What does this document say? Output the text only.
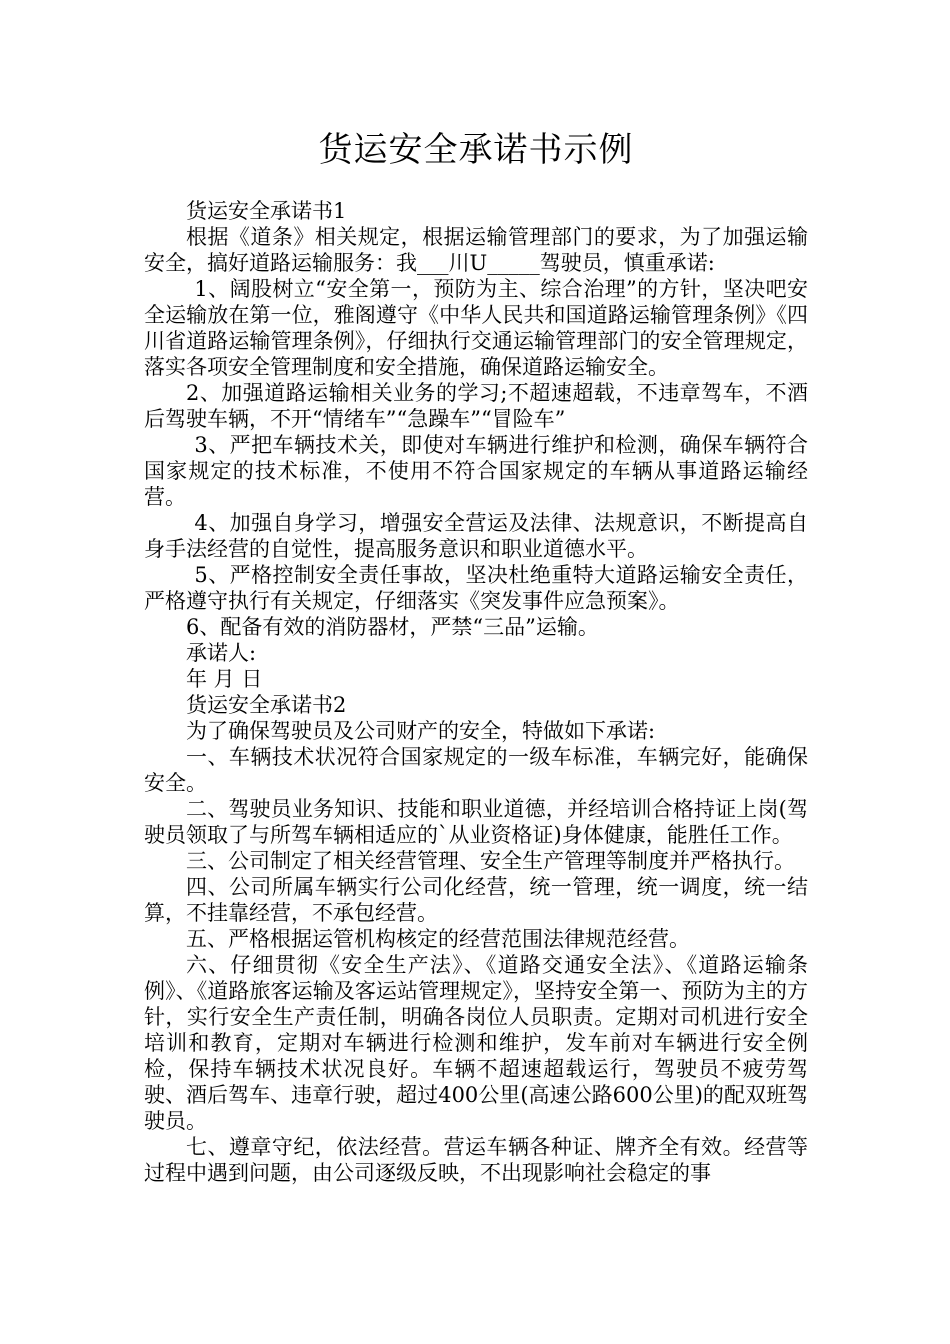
货运安全承诺书示例

货运安全承诺书1

根据《道条》相关规定，根据运输管理部门的要求，为了加强运输安全，搞好道路运输服务：我___川U_____驾驶员，慎重承诺:

1、阔股树立“安全第一，预防为主、综合治理”的方针，坚决吧安全运输放在第一位，雅阁遵守《中华人民共和国道路运输管理条例》《四川省道路运输管理条例》，仔细执行交通运输管理部门的安全管理规定，落实各项安全管理制度和安全措施，确保道路运输安全。

2、加强道路运输相关业务的学习;不超速超载，不违章驾车，不酒后驾驶车辆，不开“情绪车”“急躁车”“冒险车”

3、严把车辆技术关，即使对车辆进行维护和检测，确保车辆符合国家规定的技术标准，不使用不符合国家规定的车辆从事道路运输经营。

4、加强自身学习，增强安全营运及法律、法规意识，不断提高自身手法经营的自觉性，提高服务意识和职业道德水平。

5、严格控制安全责任事故，坚决杜绝重特大道路运输安全责任，严格遵守执行有关规定，仔细落实《突发事件应急预案》。

6、配备有效的消防器材，严禁“三品”运输。

承诺人:

年 月 日

货运安全承诺书2

为了确保驾驶员及公司财产的安全，特做如下承诺:

一、车辆技术状况符合国家规定的一级车标准，车辆完好，能确保安全。

二、驾驶员业务知识、技能和职业道德，并经培训合格持证上岗(驾驶员领取了与所驾车辆相适应的`从业资格证)身体健康，能胜任工作。

三、公司制定了相关经营管理、安全生产管理等制度并严格执行。

四、公司所属车辆实行公司化经营，统一管理，统一调度，统一结算，不挂靠经营，不承包经营。

五、严格根据运管机构核定的经营范围法律规范经营。

六、仔细贯彻《安全生产法》、《道路交通安全法》、《道路运输条例》、《道路旅客运输及客运站管理规定》，坚持安全第一、预防为主的方针，实行安全生产责任制，明确各岗位人员职责。定期对司机进行安全培训和教育，定期对车辆进行检测和维护，发车前对车辆进行安全例检，保持车辆技术状况良好。车辆不超速超载运行，驾驶员不疲劳驾驶、酒后驾车、违章行驶，超过400公里(高速公路600公里)的配双班驾驶员。

七、遵章守纪，依法经营。营运车辆各种证、牌齐全有效。经营等过程中遇到问题，由公司逐级反映，不出现影响社会稳定的事
